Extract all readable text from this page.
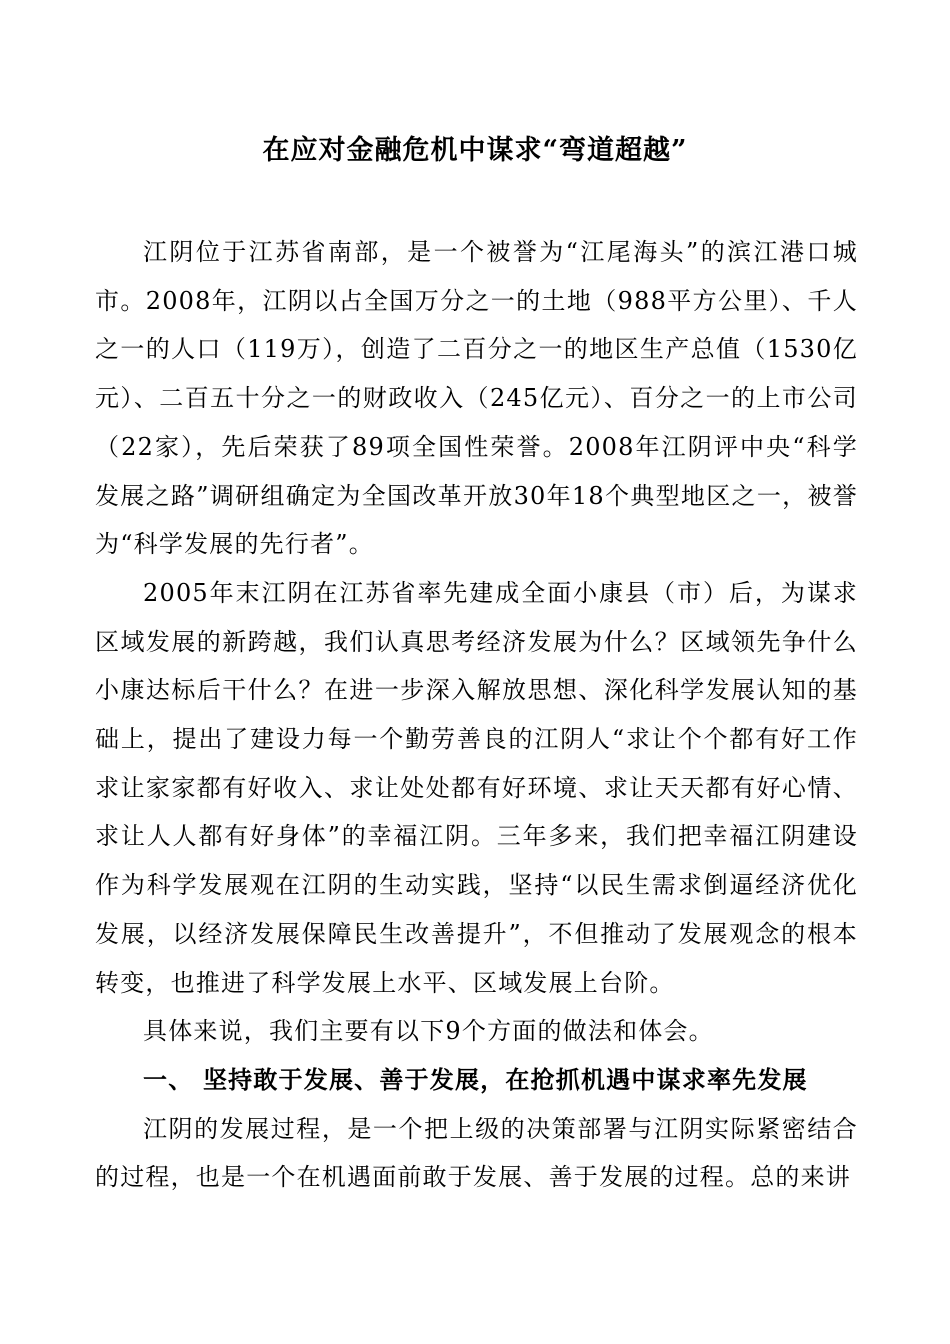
在应对金融危机中谋求“弯道超越”

江阴位于江苏省南部，是一个被誉为“江尾海头”的滨江港口城市。2008年，江阴以占全国万分之一的土地（988平方公里）、千人之一的人口（119万），创造了二百分之一的地区生产总值（1530亿元）、二百五十分之一的财政收入（245亿元）、百分之一的上市公司（22家），先后荣获了89项全国性荣誉。2008年江阴评中央“科学发展之路”调研组确定为全国改革开放30年18个典型地区之一，被誉为“科学发展的先行者”。

2005年末江阴在江苏省率先建成全面小康县（市）后，为谋求区域发展的新跨越，我们认真思考经济发展为什么？区域领先争什么小康达标后干什么？在进一步深入解放思想、深化科学发展认知的基础上，提出了建设力每一个勤劳善良的江阴人“求让个个都有好工作求让家家都有好收入、求让处处都有好环境、求让天天都有好心情、求让人人都有好身体”的幸福江阴。三年多来，我们把幸福江阴建设作为科学发展观在江阴的生动实践，坚持“以民生需求倒逼经济优化发展，以经济发展保障民生改善提升”，不但推动了发展观念的根本转变，也推进了科学发展上水平、区域发展上台阶。

具体来说，我们主要有以下9个方面的做法和体会。

一、 坚持敢于发展、善于发展，在抢抓机遇中谋求率先发展

江阴的发展过程，是一个把上级的决策部署与江阴实际紧密结合的过程，也是一个在机遇面前敢于发展、善于发展的过程。总的来讲
